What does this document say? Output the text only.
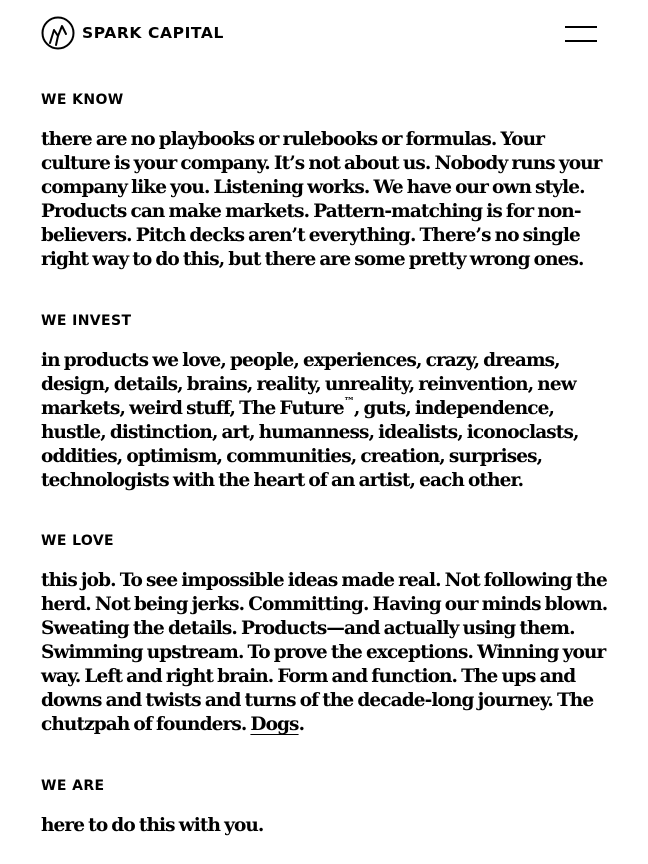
SPARK CAPITAL
WE KNOW

there are no playbooks or rulebooks or formulas. Your culture is your company. It’s not about us. Nobody runs your company like you. Listening works. We have our own style. Products can make markets. Pattern-matching is for non-believers. Pitch decks aren’t everything. There’s no single right way to do this, but there are some pretty wrong ones.

WE INVEST

in products we love, people, experiences, crazy, dreams, design, details, brains, reality, unreality, reinvention, new markets, weird stuff, The Future™, guts, independence, hustle, distinction, art, humanness, idealists, iconoclasts, oddities, optimism, communities, creation, surprises, technologists with the heart of an artist, each other.

WE LOVE

this job. To see impossible ideas made real. Not following the herd. Not being jerks. Committing. Having our minds blown. Sweating the details. Products—and actually using them. Swimming upstream. To prove the exceptions. Winning your way. Left and right brain. Form and function. The ups and downs and twists and turns of the decade-long journey. The chutzpah of founders. Dogs.

WE ARE

here to do this with you.
